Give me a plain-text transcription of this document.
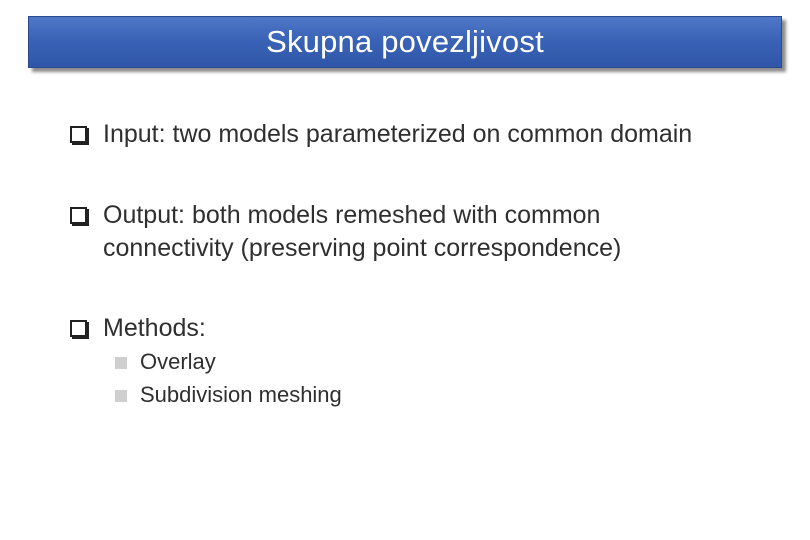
Skupna povezljivost
Input: two models parameterized on common domain
Output: both models remeshed with common
connectivity (preserving point correspondence)
Methods:
Overlay
Subdivision meshing
